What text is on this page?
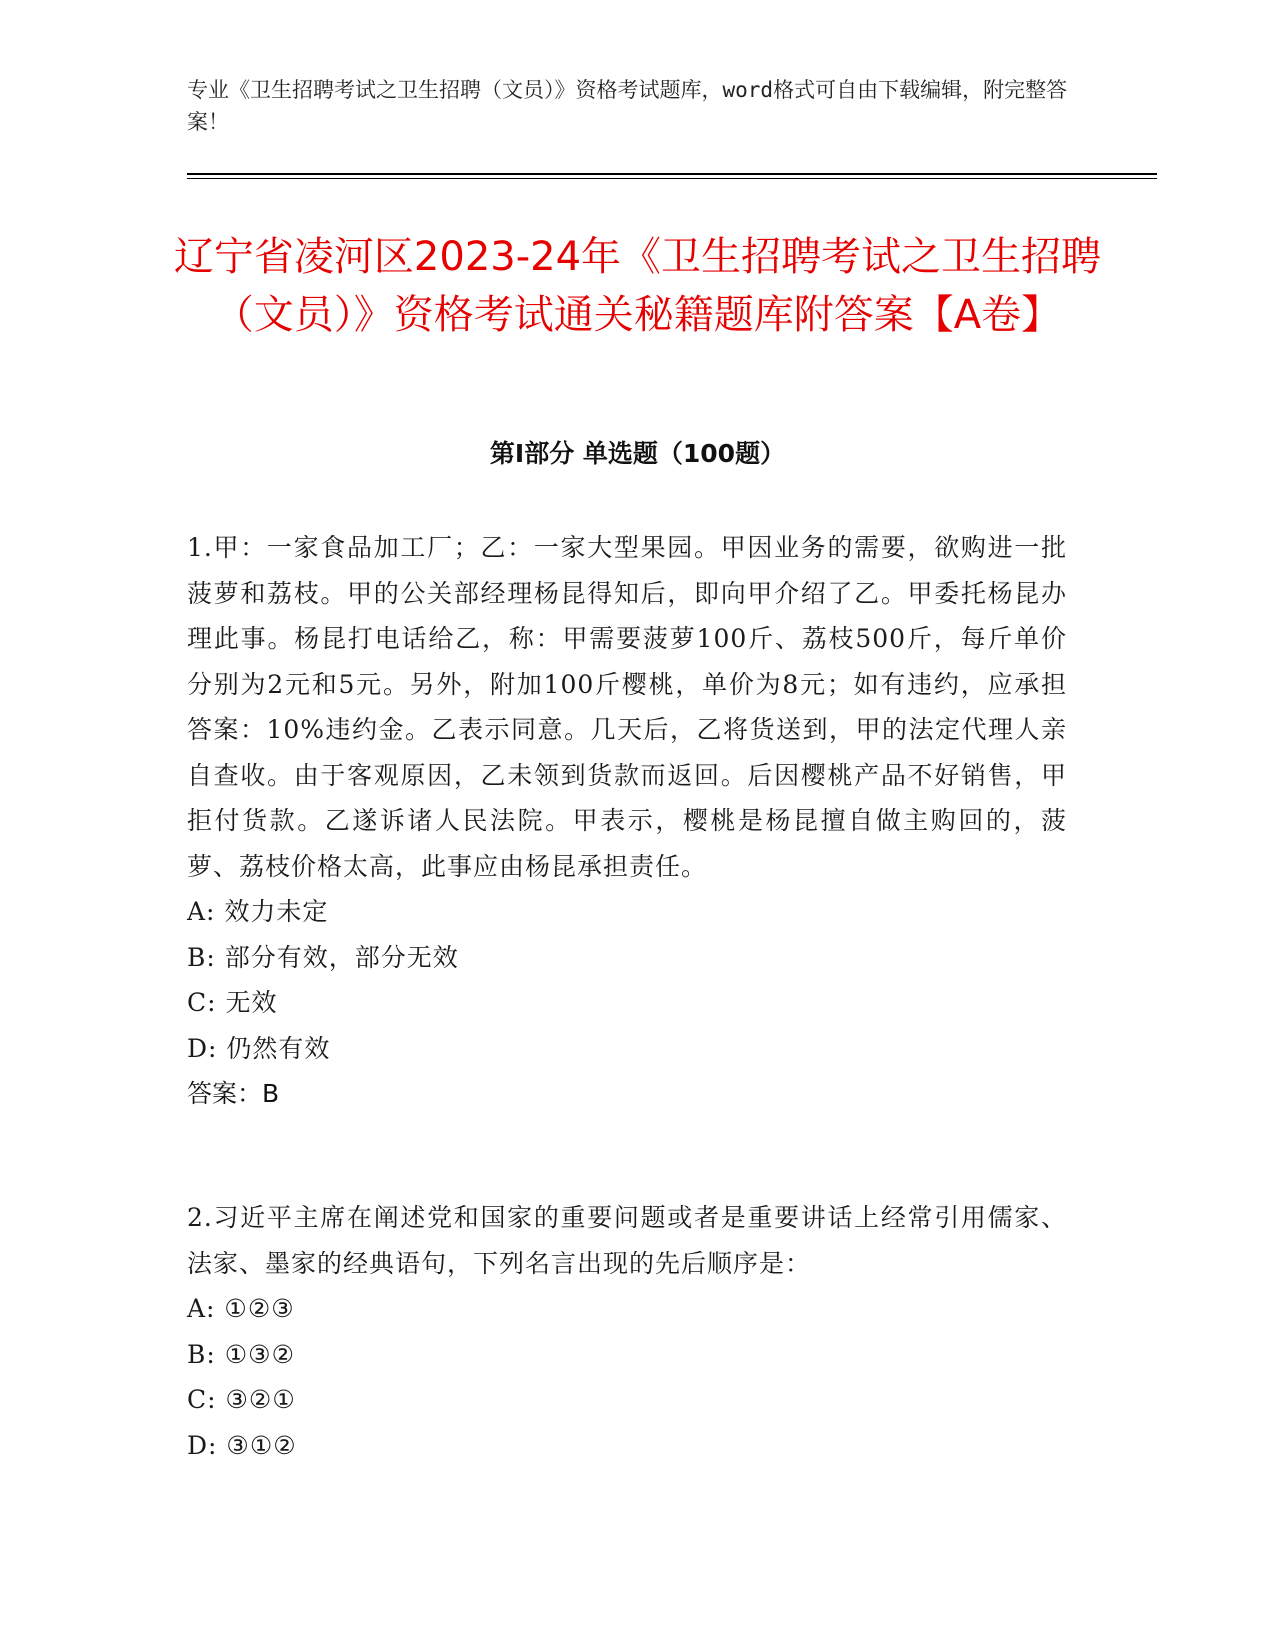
专业《卫生招聘考试之卫生招聘（文员）》资格考试题库，word格式可自由下载编辑，附完整答案！
辽宁省凌河区2023-24年《卫生招聘考试之卫生招聘（文员）》资格考试通关秘籍题库附答案【A卷】
第I部分 单选题（100题）

1.甲：一家食品加工厂；乙：一家大型果园。甲因业务的需要，欲购进一批菠萝和荔枝。甲的公关部经理杨昆得知后，即向甲介绍了乙。甲委托杨昆办理此事。杨昆打电话给乙，称：甲需要菠萝100斤、荔枝500斤，每斤单价分别为2元和5元。另外，附加100斤樱桃，单价为8元；如有违约，应承担答案：10%违约金。乙表示同意。几天后，乙将货送到，甲的法定代理人亲自查收。由于客观原因，乙未领到货款而返回。后因樱桃产品不好销售，甲拒付货款。乙遂诉诸人民法院。甲表示，樱桃是杨昆擅自做主购回的，菠萝、荔枝价格太高，此事应由杨昆承担责任。

A: 效力未定

B: 部分有效，部分无效

C: 无效

D: 仍然有效

答案：B

2.习近平主席在阐述党和国家的重要问题或者是重要讲话上经常引用儒家、法家、墨家的经典语句，下列名言出现的先后顺序是：

A: ①②③

B: ①③②

C: ③②①

D: ③①②
